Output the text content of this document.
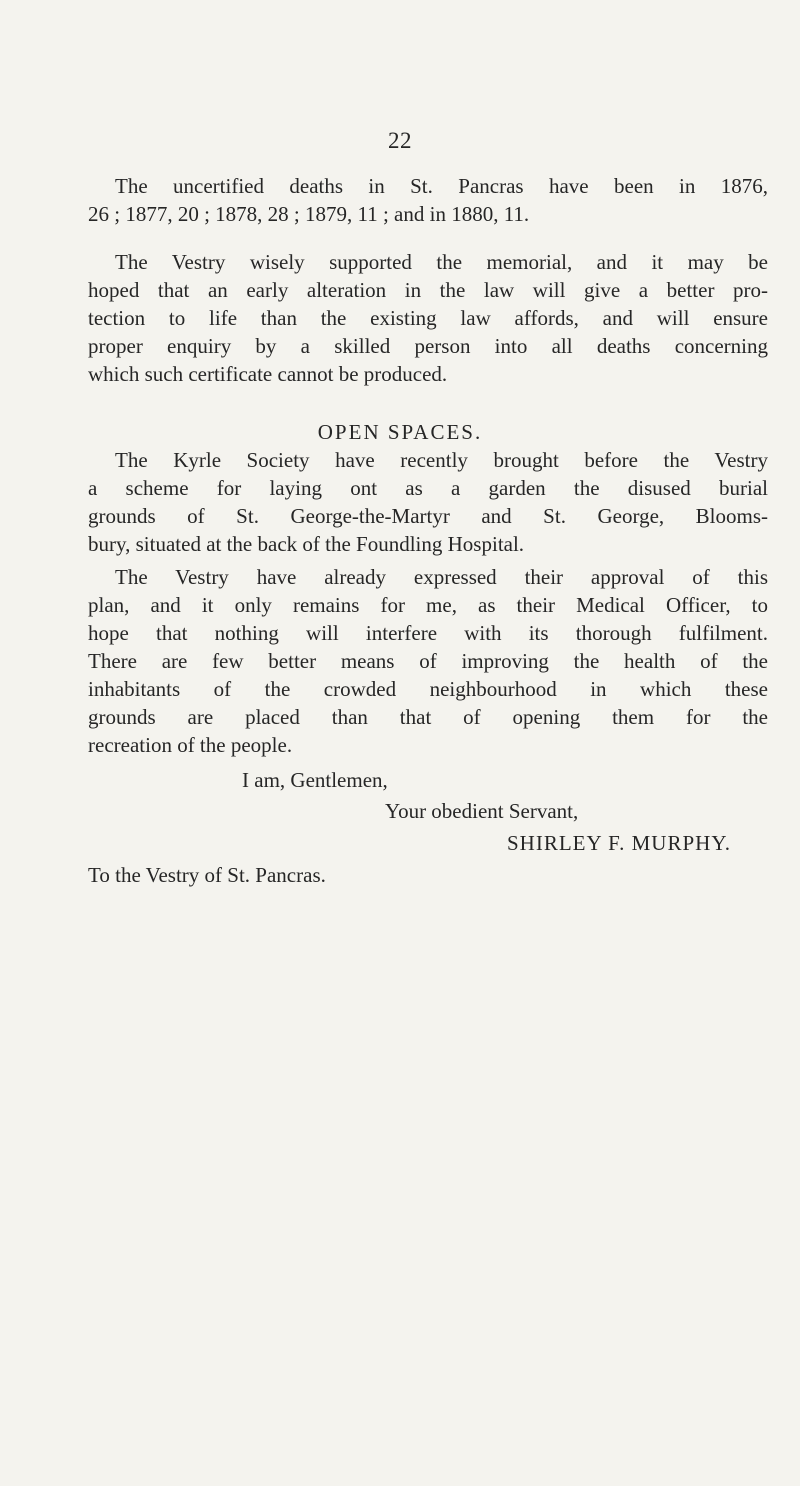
22
The uncertified deaths in St. Pancras have been in 1876,
26 ; 1877, 20 ; 1878, 28 ; 1879, 11 ; and in 1880, 11.
The Vestry wisely supported the memorial, and it may be
hoped that an early alteration in the law will give a better pro-
tection to life than the existing law affords, and will ensure
proper enquiry by a skilled person into all deaths concerning
which such certificate cannot be produced.
OPEN SPACES.
The Kyrle Society have recently brought before the Vestry
a scheme for laying ont as a garden the disused burial
grounds of St. George-the-Martyr and St. George, Blooms-
bury, situated at the back of the Foundling Hospital.
The Vestry have already expressed their approval of this
plan, and it only remains for me, as their Medical Officer, to
hope that nothing will interfere with its thorough fulfilment.
There are few better means of improving the health of the
inhabitants of the crowded neighbourhood in which these
grounds are placed than that of opening them for the
recreation of the people.
I am, Gentlemen,
Your obedient Servant,
SHIRLEY F. MURPHY.
To the Vestry of St. Pancras.
